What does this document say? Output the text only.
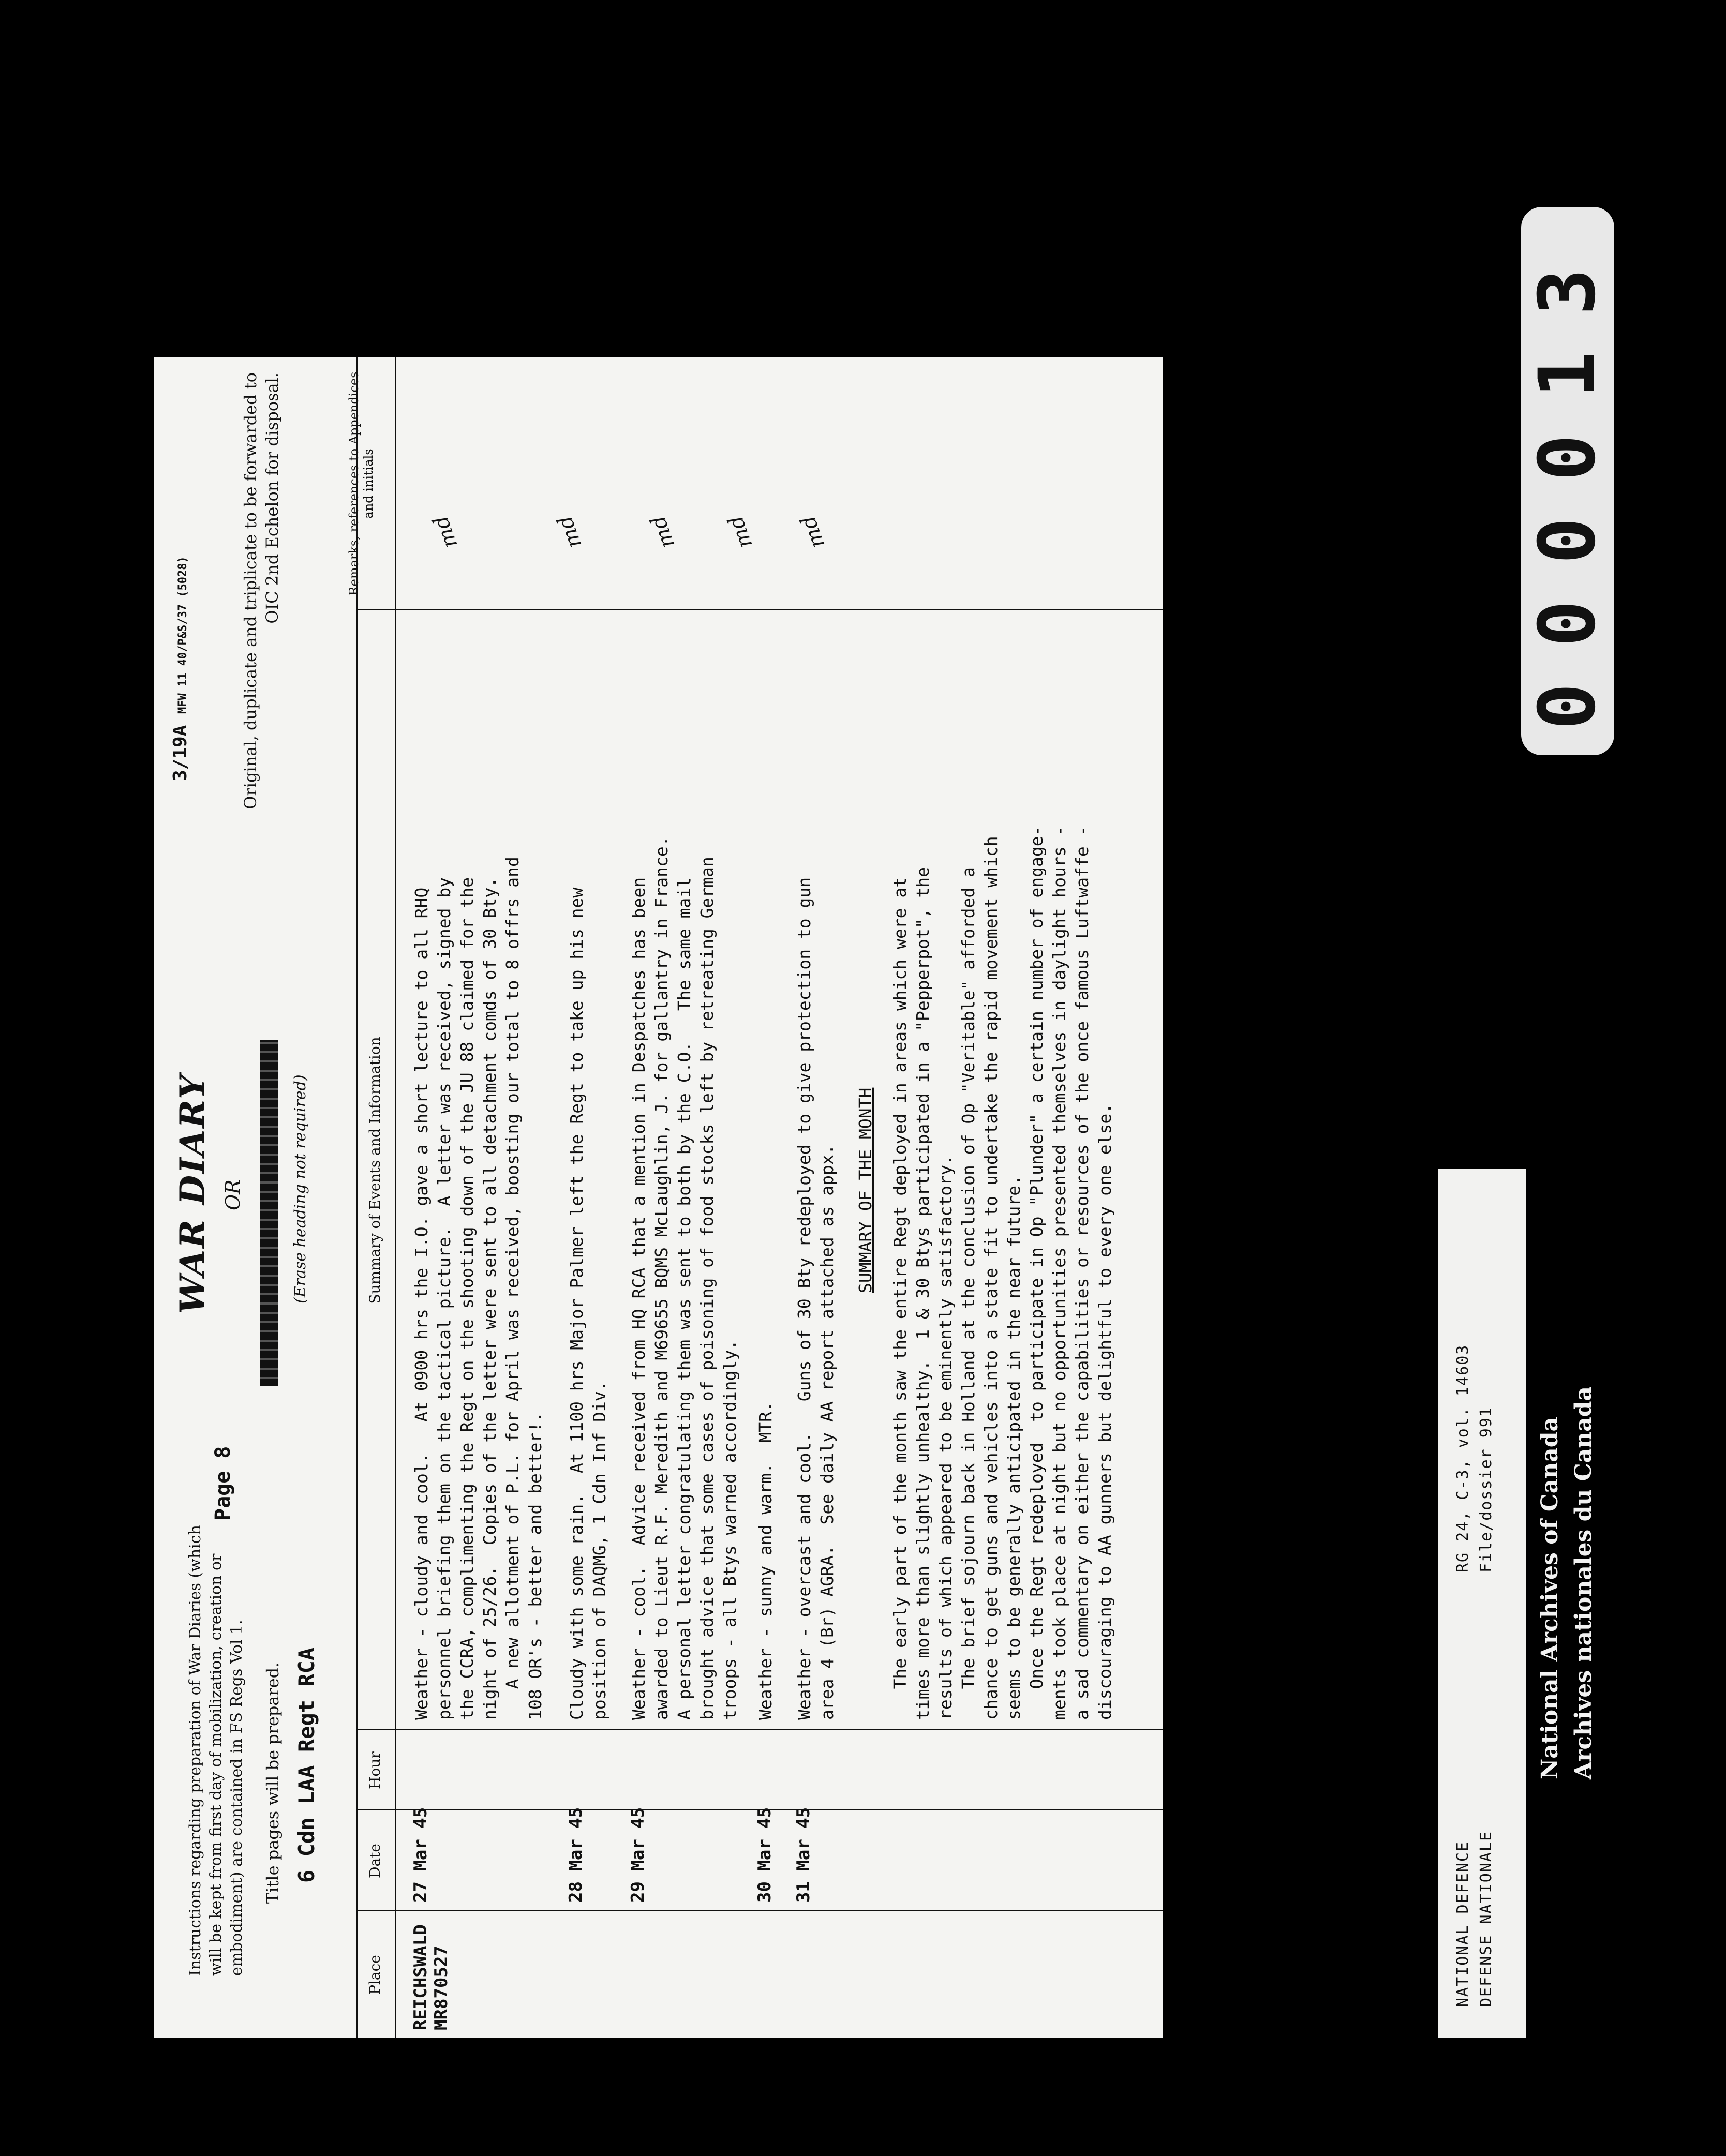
Instructions regarding preparation of War Diaries (which will be kept from first day of mobilization, creation or embodiment) are contained in FS Regs Vol 1.
Page 8
Title pages will be prepared. 6 Cdn LAA Regt RCA
WAR DIARY OR	(Erase heading not required)
3/19A MFW 11 40/P&S/37 (5028)	Original, duplicate and triplicate to be forwarded to OIC 2nd Echelon for disposal.
Place
Date
Hour
Summary of Events and Information
Remarks, references to Appendices and initials
REICHSWALD MR870527
27 Mar 45
Weather - cloudy and cool.   At 0900 hrs the I.O. gave a short lecture to all RHQ
personnel briefing them on the tactical picture.  A letter was received, signed by
the CCRA, complimenting the Regt on the shooting down of the JU 88 claimed for the
night of 25/26.  Copies of the letter were sent to all detachment comds of 30 Bty.
A new allotment of P.L. for April was received, boosting our total to 8 offrs and
108 OR's - better and better!.
md
28 Mar 45
Cloudy with some rain.  At 1100 hrs Major Palmer left the Regt to take up his new
position of DAQMG, 1 Cdn Inf Div.
md
29 Mar 45
Weather - cool.  Advice received from HQ RCA that a mention in Despatches has been
awarded to Lieut R.F. Meredith and M69655 BQMS McLaughlin, J. for gallantry in France.
A personal letter congratulating them was sent to both by the C.O.   The same mail
brought advice that some cases of poisoning of food stocks left by retreating German
troops - all Btys warned accordingly.
md
30 Mar 45
Weather - sunny and warm.  MTR.
md
31 Mar 45
Weather - overcast and cool.   Guns of 30 Bty redeployed to give protection to gun
area 4 (Br) AGRA.  See daily AA report attached as appx.
md
SUMMARY OF THE MONTH
The early part of the month saw the entire Regt deployed in areas which were at
times more than slightly unhealthy.  1 & 30 Btys participated in a "Pepperpot", the
results of which appeared to be eminently satisfactory.
The brief sojourn back in Holland at the conclusion of Op "Veritable" afforded a
chance to get guns and vehicles into a state fit to undertake the rapid movement which
seems to be generally anticipated in the near future.
Once the Regt redeployed  to participate in Op "Plunder" a certain number of engage-
ments took place at night but no opportunities presented themselves in daylight hours -
a sad commentary on either the capabilities or resources of the once famous Luftwaffe -
discouraging to AA gunners but delightful to every one else.
NATIONAL DEFENCE DEFENSE NATIONALE
RG 24, C-3, vol. 14603 File/dossier 991 National Archives of Canada Archives nationales du Canada
000013
